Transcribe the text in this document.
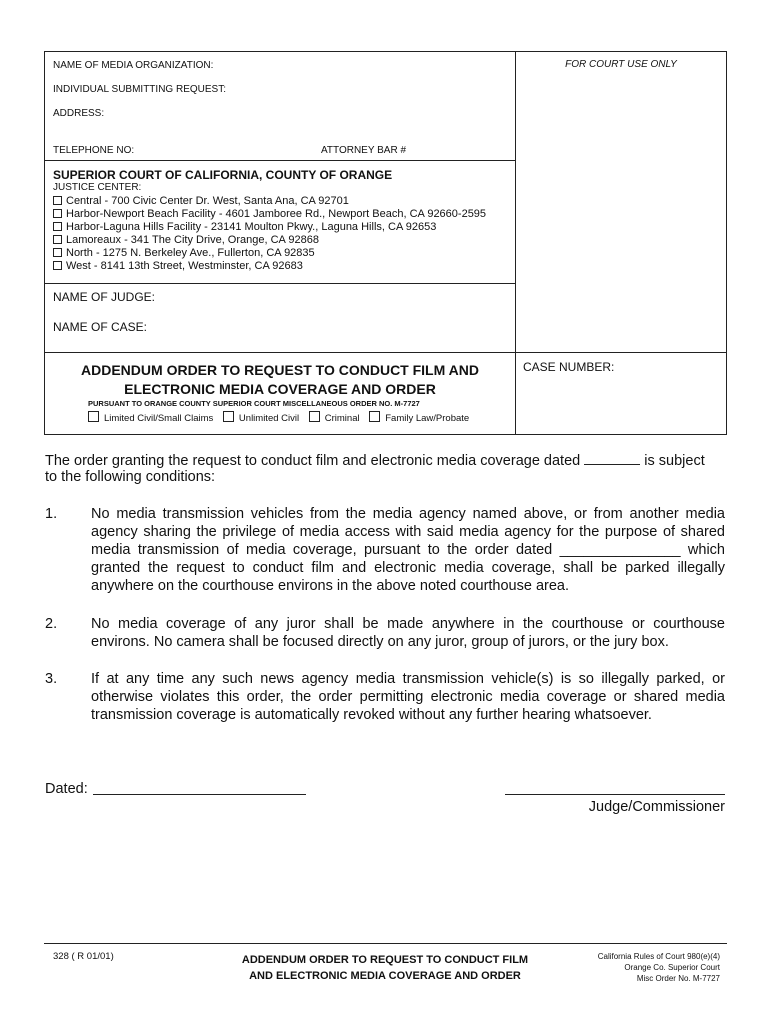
NAME OF MEDIA ORGANIZATION:
INDIVIDUAL SUBMITTING REQUEST:
ADDRESS:
TELEPHONE NO:	ATTORNEY BAR #
FOR COURT USE ONLY
SUPERIOR COURT OF CALIFORNIA, COUNTY OF ORANGE
JUSTICE CENTER:
Central - 700 Civic Center Dr. West, Santa Ana, CA 92701
Harbor-Newport Beach Facility - 4601 Jamboree Rd., Newport Beach, CA 92660-2595
Harbor-Laguna Hills Facility - 23141 Moulton Pkwy., Laguna Hills, CA 92653
Lamoreaux - 341 The City Drive, Orange, CA 92868
North - 1275 N. Berkeley Ave., Fullerton, CA 92835
West - 8141 13th Street, Westminster, CA 92683
NAME OF JUDGE:
NAME OF CASE:
ADDENDUM ORDER TO REQUEST TO CONDUCT FILM AND
ELECTRONIC MEDIA COVERAGE AND ORDER
PURSUANT TO ORANGE COUNTY SUPERIOR COURT MISCELLANEOUS ORDER NO. M-7727
Limited Civil/Small Claims	Unlimited Civil	Criminal	Family Law/Probate
CASE NUMBER:
The order granting the request to conduct film and electronic media coverage dated	is subject
to the following conditions:
1. No media transmission vehicles from the media agency named above, or from another media agency sharing the privilege of media access with said media agency for the purpose of shared media transmission of media coverage, pursuant to the order dated _______________ which granted the request to conduct film and electronic media coverage, shall be parked illegally anywhere on the courthouse environs in the above noted courthouse area.
2. No media coverage of any juror shall be made anywhere in the courthouse or courthouse environs. No camera shall be focused directly on any juror, group of jurors, or the jury box.
3. If at any time any such news agency media transmission vehicle(s) is so illegally parked, or otherwise violates this order, the order permitting electronic media coverage or shared media transmission coverage is automatically revoked without any further hearing whatsoever.
Dated:
Judge/Commissioner
328 ( R 01/01)	ADDENDUM ORDER TO REQUEST TO CONDUCT FILM
AND ELECTRONIC MEDIA COVERAGE AND ORDER
California Rules of Court 980(e)(4)
Orange Co. Superior Court
Misc Order No. M-7727
